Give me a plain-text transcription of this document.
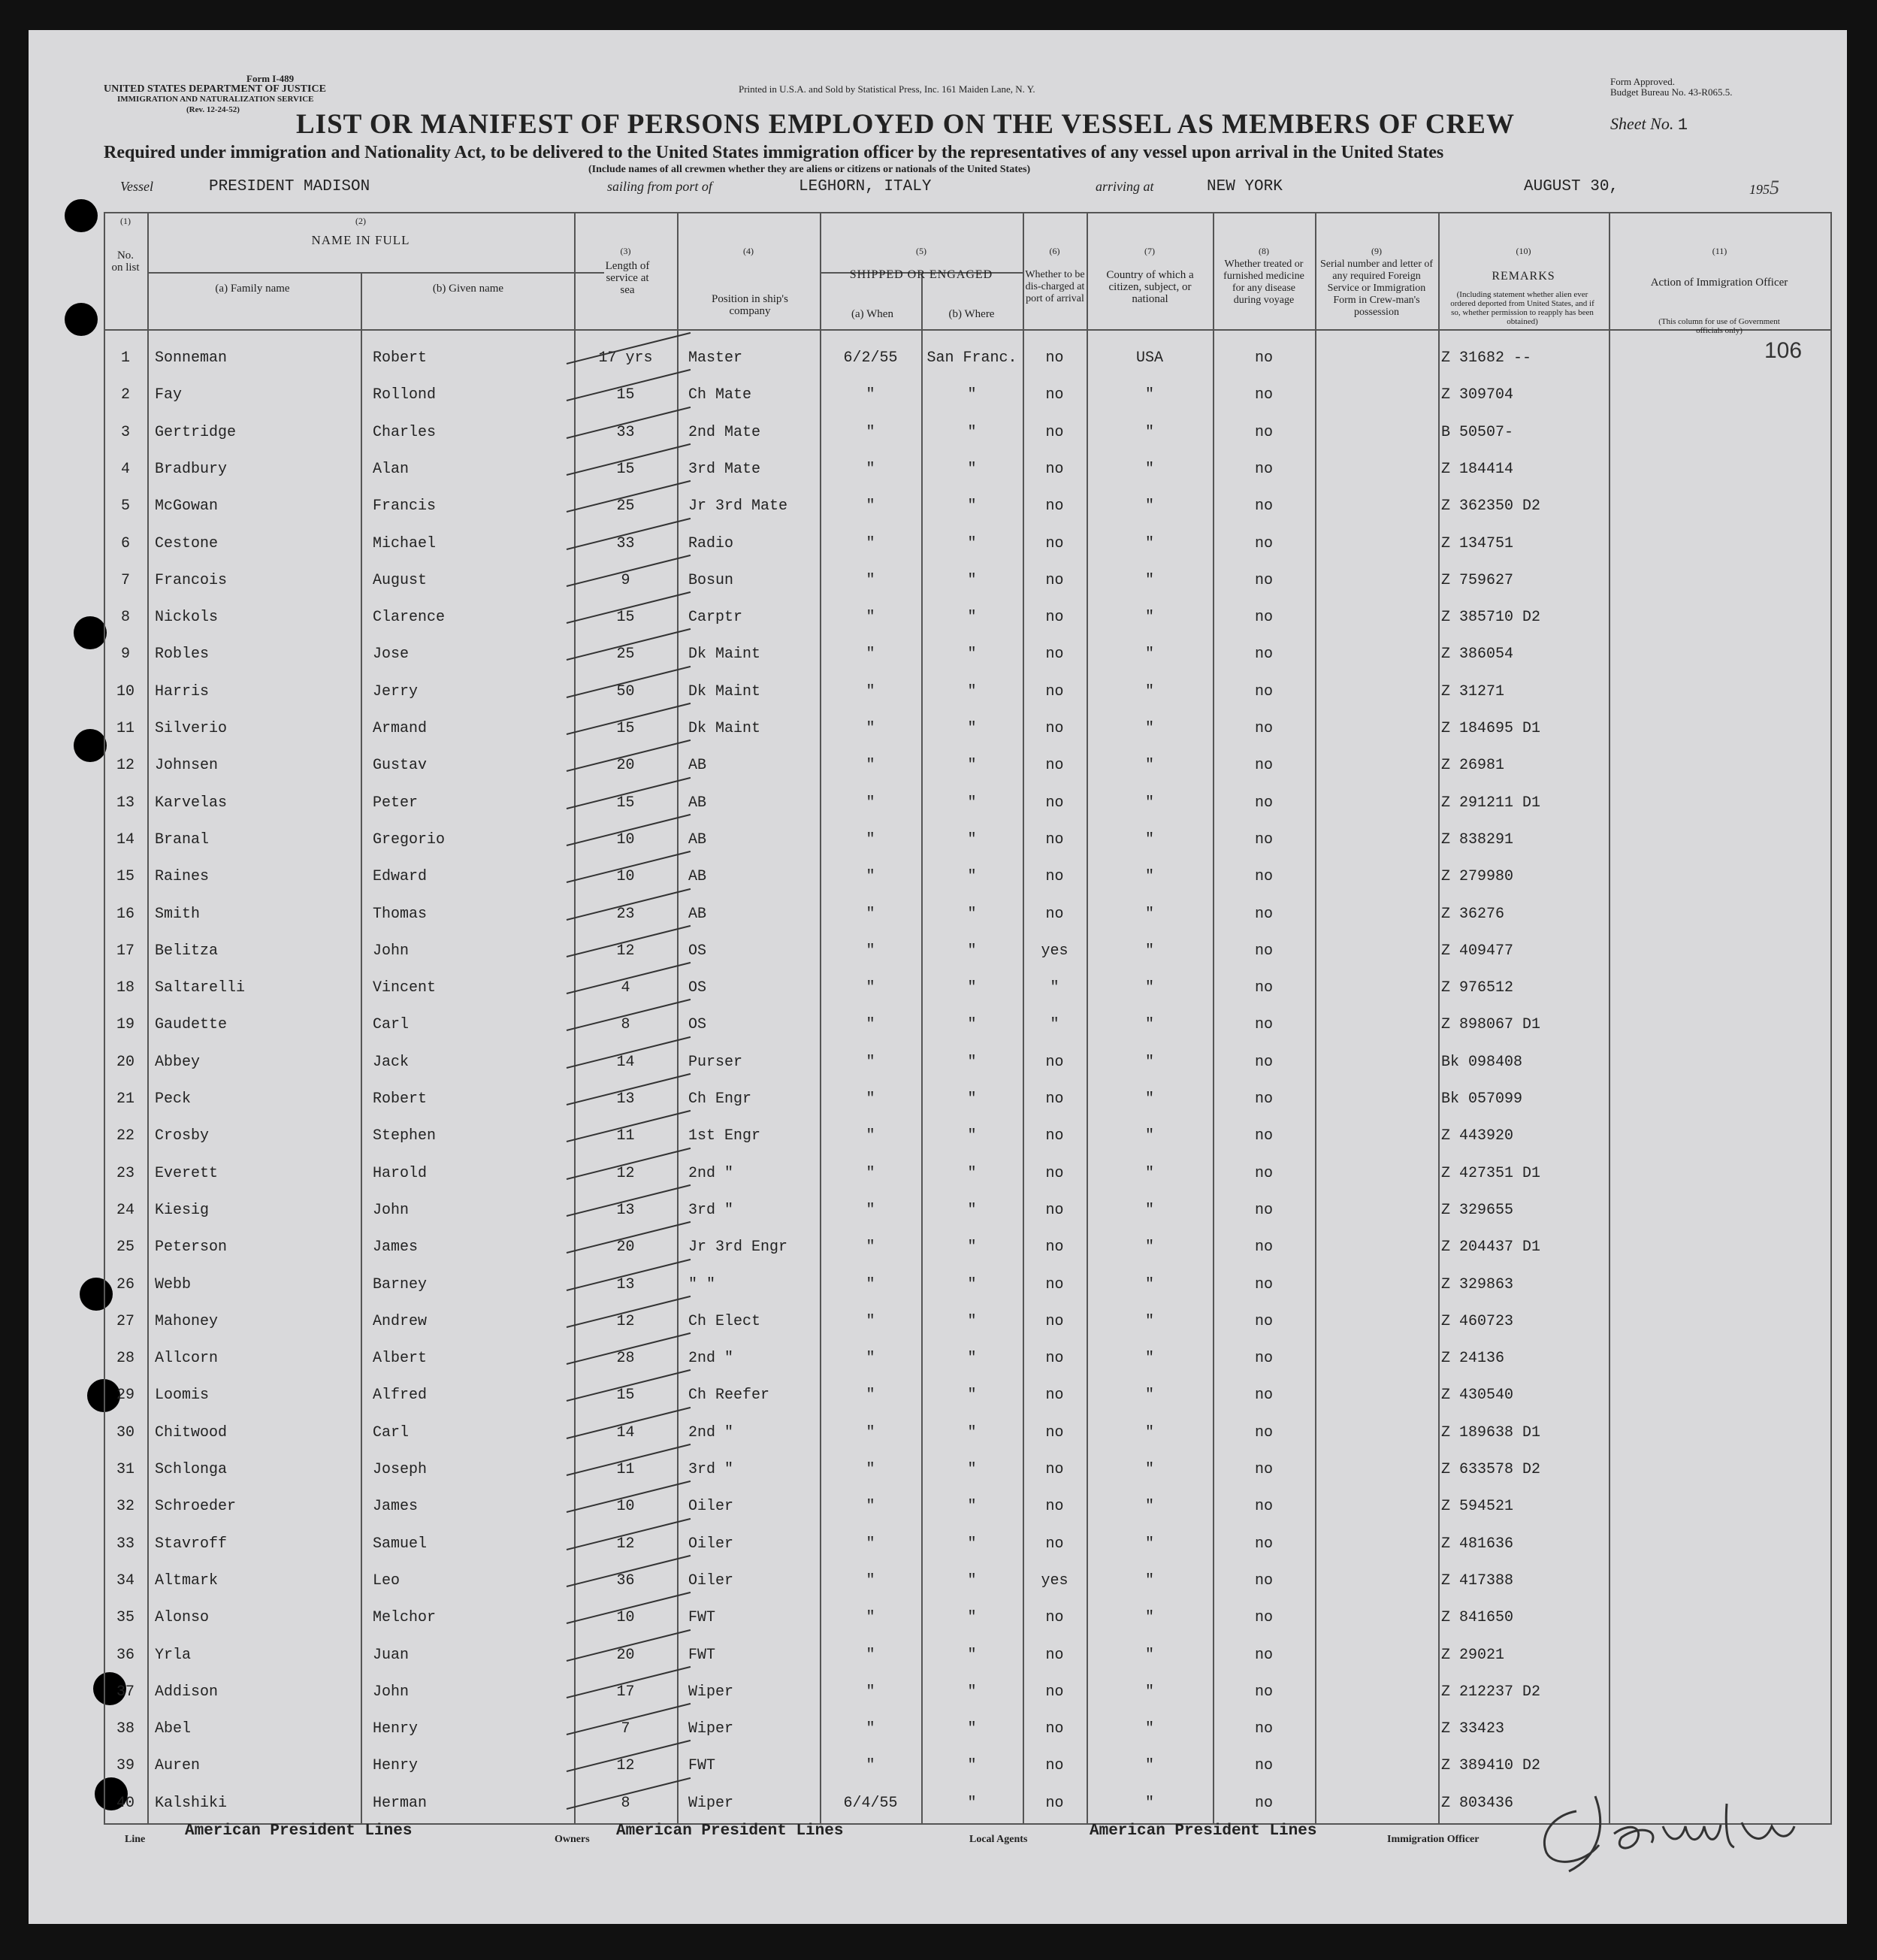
Form I-489
UNITED STATES DEPARTMENT OF JUSTICE
IMMIGRATION AND NATURALIZATION SERVICE
(Rev. 12-24-52)
Printed in U.S.A. and Sold by Statistical Press, Inc. 161 Maiden Lane, N. Y.
Form Approved.
Budget Bureau No. 43-R065.5.
LIST OR MANIFEST OF PERSONS EMPLOYED ON THE VESSEL AS MEMBERS OF CREW	Sheet No. 1
Required under immigration and Nationality Act, to be delivered to the United States immigration officer by the representatives of any vessel upon arrival in the United States
(Include names of all crewmen whether they are aliens or citizens or nationals of the United States)
Vessel	PRESIDENT MADISON	sailing from port of	LEGHORN, ITALY	arriving at	NEW YORK	AUGUST 30,	1955
(1)
No. on list
(2)
NAME IN FULL
(a) Family name	(b) Given name
(3)
Length of service at sea
(4)
Position in ship's company
(5)
SHIPPED OR ENGAGED
(a) When	(b) Where
(6)
Whether to be dis-charged at port of arrival
(7)
Country of which a citizen, subject, or national
(8)
Whether treated or furnished medicine for any disease during voyage
(9)
Serial number and letter of any required Foreign Service or Immigration Form in Crew-man's possession
(10)
REMARKS
(Including statement whether alien ever ordered deported from United States, and if so, whether permission to reapply has been obtained)
(11)
Action of Immigration Officer
(This column for use of Government officials only)
106
1	Sonneman	Robert	17 yrs	Master	6/2/55	San Franc.	no	USA	no	Z 31682 --
2	Fay	Rollond	15	Ch Mate	"	"	no	"	no	Z 309704
3	Gertridge	Charles	33	2nd Mate	"	"	no	"	no	B 50507-
4	Bradbury	Alan	15	3rd Mate	"	"	no	"	no	Z 184414
5	McGowan	Francis	25	Jr 3rd Mate	"	"	no	"	no	Z 362350 D2
6	Cestone	Michael	33	Radio	"	"	no	"	no	Z 134751
7	Francois	August	9	Bosun	"	"	no	"	no	Z 759627
8	Nickols	Clarence	15	Carptr	"	"	no	"	no	Z 385710 D2
9	Robles	Jose	25	Dk Maint	"	"	no	"	no	Z 386054
10	Harris	Jerry	50	Dk Maint	"	"	no	"	no	Z 31271
11	Silverio	Armand	15	Dk Maint	"	"	no	"	no	Z 184695 D1
12	Johnsen	Gustav	20	AB	"	"	no	"	no	Z 26981
13	Karvelas	Peter	15	AB	"	"	no	"	no	Z 291211 D1
14	Branal	Gregorio	10	AB	"	"	no	"	no	Z 838291
15	Raines	Edward	10	AB	"	"	no	"	no	Z 279980
16	Smith	Thomas	23	AB	"	"	no	"	no	Z 36276
17	Belitza	John	12	OS	"	"	yes	"	no	Z 409477
18	Saltarelli	Vincent	4	OS	"	"	"	"	no	Z 976512
19	Gaudette	Carl	8	OS	"	"	"	"	no	Z 898067 D1
20	Abbey	Jack	14	Purser	"	"	no	"	no	Bk 098408
21	Peck	Robert	13	Ch Engr	"	"	no	"	no	Bk 057099
22	Crosby	Stephen	11	1st Engr	"	"	no	"	no	Z 443920
23	Everett	Harold	12	2nd "	"	"	no	"	no	Z 427351 D1
24	Kiesig	John	13	3rd "	"	"	no	"	no	Z 329655
25	Peterson	James	20	Jr 3rd Engr	"	"	no	"	no	Z 204437 D1
26	Webb	Barney	13	" "	"	"	no	"	no	Z 329863
27	Mahoney	Andrew	12	Ch Elect	"	"	no	"	no	Z 460723
28	Allcorn	Albert	28	2nd "	"	"	no	"	no	Z 24136
29	Loomis	Alfred	15	Ch Reefer	"	"	no	"	no	Z 430540
30	Chitwood	Carl	14	2nd "	"	"	no	"	no	Z 189638 D1
31	Schlonga	Joseph	11	3rd "	"	"	no	"	no	Z 633578 D2
32	Schroeder	James	10	Oiler	"	"	no	"	no	Z 594521
33	Stavroff	Samuel	12	Oiler	"	"	no	"	no	Z 481636
34	Altmark	Leo	36	Oiler	"	"	yes	"	no	Z 417388
35	Alonso	Melchor	10	FWT	"	"	no	"	no	Z 841650
36	Yrla	Juan	20	FWT	"	"	no	"	no	Z 29021
37	Addison	John	17	Wiper	"	"	no	"	no	Z 212237 D2
38	Abel	Henry	7	Wiper	"	"	no	"	no	Z 33423
39	Auren	Henry	12	FWT	"	"	no	"	no	Z 389410 D2
40	Kalshiki	Herman	8	Wiper	6/4/55	"	no	"	no	Z 803436
Line	American President Lines	Owners American President Lines	Local Agents	American President Lines	Immigration Officer
